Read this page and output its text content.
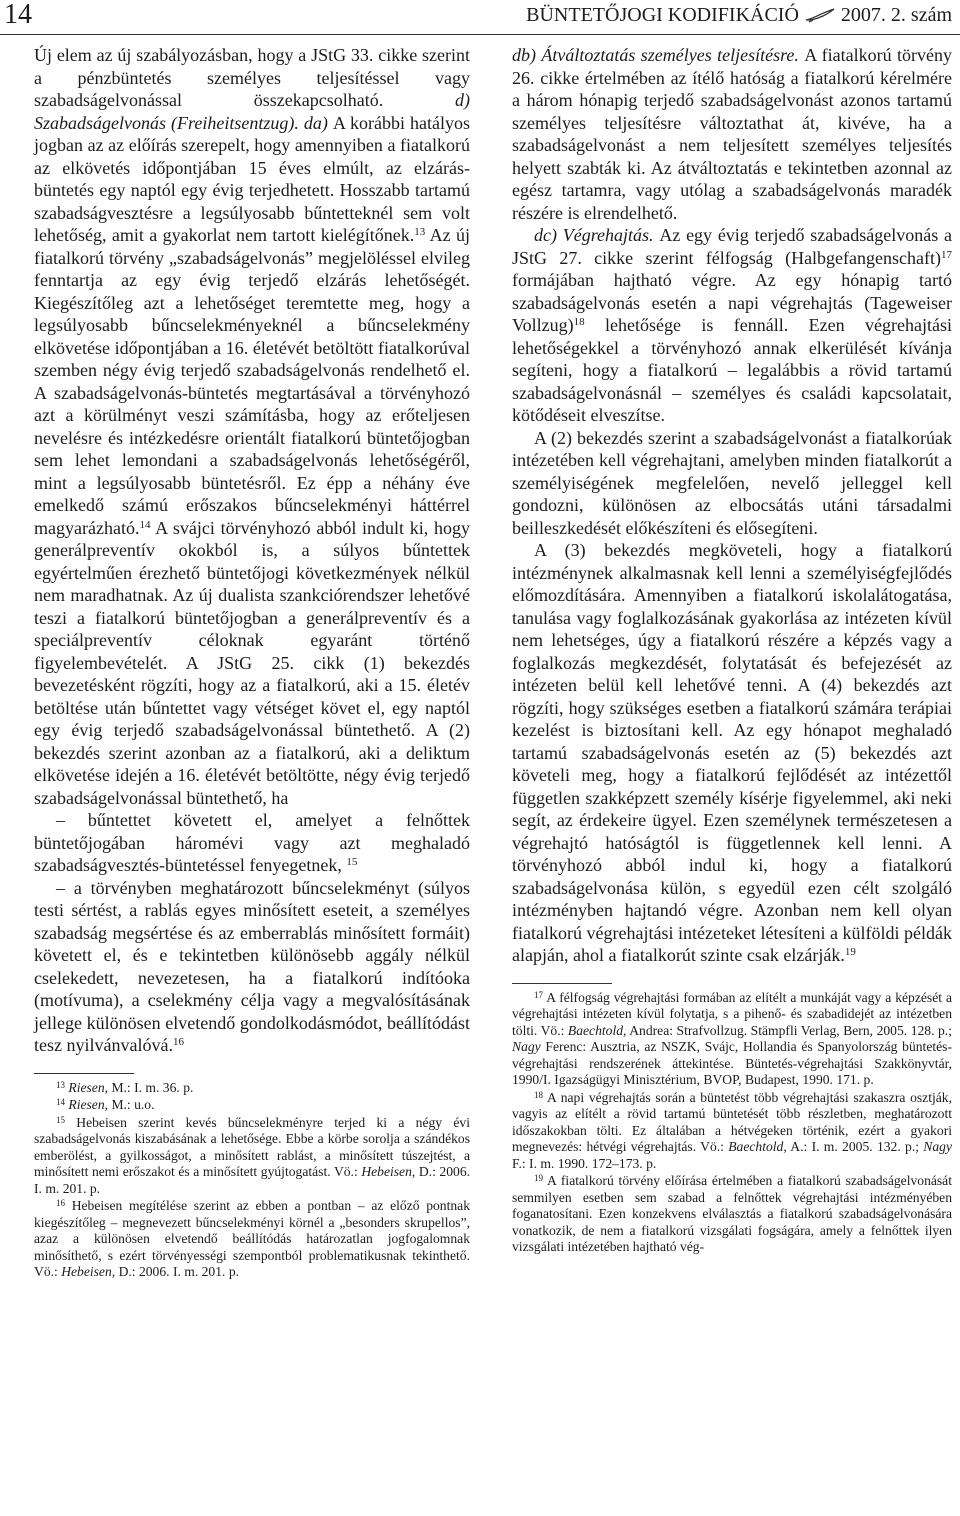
14	BÜNTETŐJOGI KODIFIKÁCIÓ 2007. 2. szám

Új elem az új szabályozásban, hogy a JStG 33. cikke szerint a pénzbüntetés személyes teljesítéssel vagy szabadságelvonással összekapcsolható. d) Szabadságelvonás (Freiheitsentzug). da) A korábbi hatályos jogban az az előírás szerepelt, hogy amennyiben a fiatalkorú az elkövetés időpontjában 15 éves elmúlt, az elzárás-büntetés egy naptól egy évig terjedhetett. Hosszabb tartamú szabadságvesztésre a legsúlyosabb bűntetteknél sem volt lehetőség, amit a gyakorlat nem tartott kielégítőnek.$^{13}$ Az új fiatalkorú törvény „szabadságelvonás” megjelöléssel elvileg fenntartja az egy évig terjedő elzárás lehetőségét. Kiegészítőleg azt a lehetőséget teremtette meg, hogy a legsúlyosabb bűncselekményeknél a bűncselekmény elkövetése időpontjában a 16. életévét betöltött fiatalkorúval szemben négy évig terjedő szabadságelvonás rendelhető el. A szabadságelvonás-büntetés megtartásával a törvényhozó azt a körülményt veszi számításba, hogy az erőteljesen nevelésre és intézkedésre orientált fiatalkorú büntetőjogban sem lehet lemondani a szabadságelvonás lehetőségéről, mint a legsúlyosabb büntetésről. Ez épp a néhány éve emelkedő számú erőszakos bűncselekményi háttérrel magyarázható.$^{14}$ A svájci törvényhozó abból indult ki, hogy generálpreventív okokból is, a súlyos bűntettek egyértelműen érezhető büntetőjogi következmények nélkül nem maradhatnak. Az új dualista szankciórendszer lehetővé teszi a fiatalkorú büntetőjogban a generálpreventív és a speciálpreventív céloknak egyaránt történő figyelembevételét. A JStG 25. cikk (1) bekezdés bevezetésként rögzíti, hogy az a fiatalkorú, aki a 15. életév betöltése után bűntettet vagy vétséget követ el, egy naptól egy évig terjedő szabadságelvonással büntethető. A (2) bekezdés szerint azonban az a fiatalkorú, aki a deliktum elkövetése idején a 16. életévét betöltötte, négy évig terjedő szabadságelvonással büntethető, ha

– bűntettet követett el, amelyet a felnőttek büntetőjogában háromévi vagy azt meghaladó szabadságvesztés-büntetéssel fenyegetnek, $^{15}$

– a törvényben meghatározott bűncselekményt (súlyos testi sértést, a rablás egyes minősített eseteit, a személyes szabadság megsértése és az emberrablás minősített formáit) követett el, és e tekintetben különösebb aggály nélkül cselekedett, nevezetesen, ha a fiatalkorú indítóoka (motívuma), a cselekmény célja vagy a megvalósításának jellege különösen elvetendő gondolkodásmódot, beállítódást tesz nyilvánvalóvá.$^{16}$

$^{13}$ Riesen, M.: I. m. 36. p.

$^{14}$ Riesen, M.: u.o.

$^{15}$ Hebeisen szerint kevés bűncselekményre terjed ki a négy évi szabadságelvonás kiszabásának a lehetősége. Ebbe a körbe sorolja a szándékos emberölést, a gyilkosságot, a minősített rablást, a minősített túszejtést, a minősített nemi erőszakot és a minősített gyújtogatást. Vö.: Hebeisen, D.: 2006. I. m. 201. p.

$^{16}$ Hebeisen megítélése szerint az ebben a pontban – az előző pontnak kiegészítőleg – megnevezett bűncselekményi körnél a „besonders skrupellos”, azaz a különösen elvetendő beállítódás határozatlan jogfogalomnak minősíthető, s ezért törvényességi szempontból problematikusnak tekinthető. Vö.: Hebeisen, D.: 2006. I. m. 201. p.

db) Átváltoztatás személyes teljesítésre. A fiatalkorú törvény 26. cikke értelmében az ítélő hatóság a fiatalkorú kérelmére a három hónapig terjedő szabadságelvonást azonos tartamú személyes teljesítésre változtathat át, kivéve, ha a szabadságelvonást a nem teljesített személyes teljesítés helyett szabták ki. Az átváltoztatás e tekintetben azonnal az egész tartamra, vagy utólag a szabadságelvonás maradék részére is elrendelhető.

dc) Végrehajtás. Az egy évig terjedő szabadságelvonás a JStG 27. cikke szerint félfogság (Halbgefangenschaft)$^{17}$ formájában hajtható végre. Az egy hónapig tartó szabadságelvonás esetén a napi végrehajtás (Tageweiser Vollzug)$^{18}$ lehetősége is fennáll. Ezen végrehajtási lehetőségekkel a törvényhozó annak elkerülését kívánja segíteni, hogy a fiatalkorú – legalábbis a rövid tartamú szabadságelvonásnál – személyes és családi kapcsolatait, kötődéseit elveszítse.

A (2) bekezdés szerint a szabadságelvonást a fiatalkorúak intézetében kell végrehajtani, amelyben minden fiatalkorút a személyiségének megfelelően, nevelő jelleggel kell gondozni, különösen az elbocsátás utáni társadalmi beilleszkedését előkészíteni és elősegíteni.

A (3) bekezdés megköveteli, hogy a fiatalkorú intézménynek alkalmasnak kell lenni a személyiségfejlődés előmozdítására. Amennyiben a fiatalkorú iskolalátogatása, tanulása vagy foglalkozásának gyakorlása az intézeten kívül nem lehetséges, úgy a fiatalkorú részére a képzés vagy a foglalkozás megkezdését, folytatását és befejezését az intézeten belül kell lehetővé tenni. A (4) bekezdés azt rögzíti, hogy szükséges esetben a fiatalkorú számára terápiai kezelést is biztosítani kell. Az egy hónapot meghaladó tartamú szabadságelvonás esetén az (5) bekezdés azt követeli meg, hogy a fiatalkorú fejlődését az intézettől független szakképzett személy kísérje figyelemmel, aki neki segít, az érdekeire ügyel. Ezen személynek természetesen a végrehajtó hatóságtól is függetlennek kell lenni. A törvényhozó abból indul ki, hogy a fiatalkorú szabadságelvonása külön, s egyedül ezen célt szolgáló intézményben hajtandó végre. Azonban nem kell olyan fiatalkorú végrehajtási intézeteket létesíteni a külföldi példák alapján, ahol a fiatalkorút szinte csak elzárják.$^{19}$

$^{17}$ A félfogság végrehajtási formában az elítélt a munkáját vagy a képzését a végrehajtási intézeten kívül folytatja, s a pihenő- és szabadidejét az intézetben tölti. Vö.: Baechtold, Andrea: Strafvollzug. Stämpfli Verlag, Bern, 2005. 128. p.; Nagy Ferenc: Ausztria, az NSZK, Svájc, Hollandia és Spanyolország büntetés-végrehajtási rendszerének áttekintése. Büntetés-végrehajtási Szakkönyvtár, 1990/I. Igazságügyi Minisztérium, BVOP, Budapest, 1990. 171. p.

$^{18}$ A napi végrehajtás során a büntetést több végrehajtási szakaszra osztják, vagyis az elítélt a rövid tartamú büntetését több részletben, meghatározott időszakokban tölti. Ez általában a hétvégeken történik, ezért a gyakori megnevezés: hétvégi végrehajtás. Vö.: Baechtold, A.: I. m. 2005. 132. p.; Nagy F.: I. m. 1990. 172–173. p.

$^{19}$ A fiatalkorú törvény előírása értelmében a fiatalkorú szabadságelvonását semmilyen esetben sem szabad a felnőttek végrehajtási intézményében foganatosítani. Ezen konzekvens elválasztás a fiatalkorú szabadságelvonására vonatkozik, de nem a fiatalkorú vizsgálati fogságára, amely a felnőttek ilyen vizsgálati intézetében hajtható vég-
